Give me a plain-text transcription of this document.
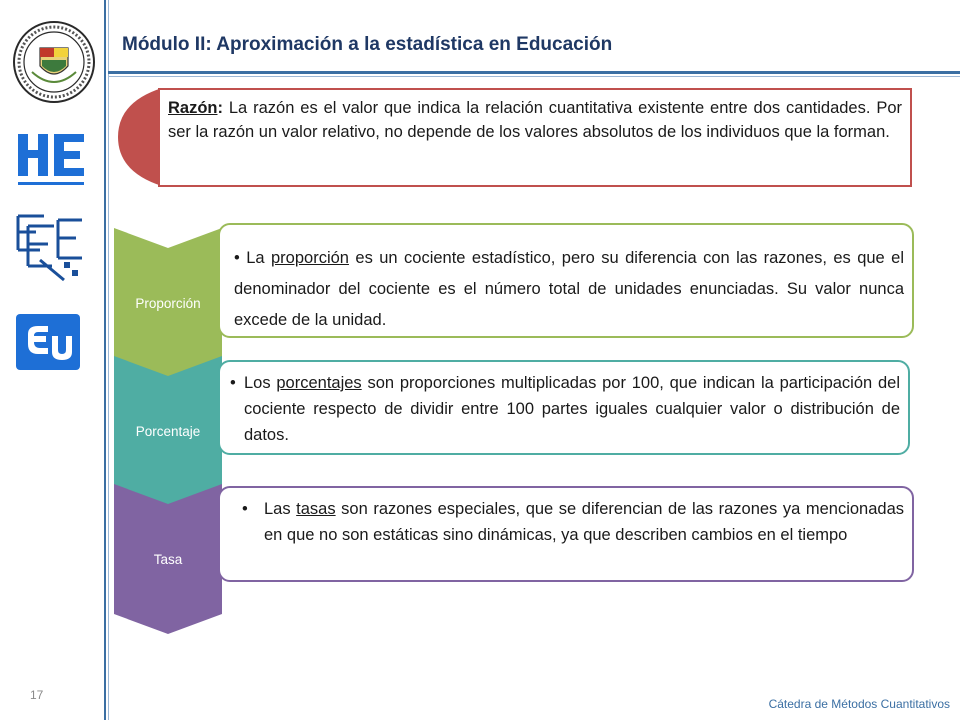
Módulo II: Aproximación a la estadística en Educación
Razón: La razón es el valor que indica la relación cuantitativa existente entre dos cantidades. Por ser la razón un valor relativo, no depende de los valores absolutos de los individuos que la forman.
Proporción
• La proporción es un cociente estadístico, pero su diferencia con las razones, es que el denominador del cociente es el número total de unidades enunciadas. Su valor nunca excede de la unidad.
Porcentaje
• Los porcentajes son proporciones multiplicadas por 100, que indican la participación del cociente respecto de dividir entre 100 partes iguales cualquier valor o distribución de datos.
Tasa
• Las tasas son razones especiales, que se diferencian de las razones ya mencionadas en que no son estáticas sino dinámicas, ya que describen cambios en el tiempo
17
Cátedra de Métodos Cuantitativos
